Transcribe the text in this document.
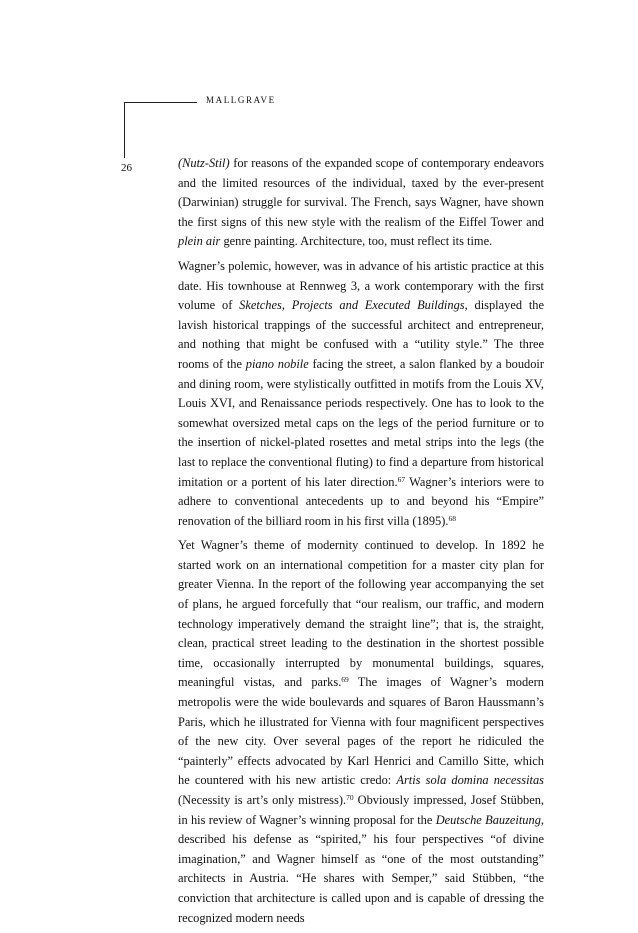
MALLGRAVE
26	(Nutz-Stil) for reasons of the expanded scope of contemporary endeavors and the limited resources of the individual, taxed by the ever-present (Darwinian) struggle for survival. The French, says Wagner, have shown the first signs of this new style with the realism of the Eiffel Tower and plein air genre painting. Architecture, too, must reflect its time.

Wagner’s polemic, however, was in advance of his artistic practice at this date. His townhouse at Rennweg 3, a work contemporary with the first volume of Sketches, Projects and Executed Buildings, displayed the lavish historical trappings of the successful architect and entrepreneur, and nothing that might be confused with a “utility style.” The three rooms of the piano nobile facing the street, a salon flanked by a boudoir and dining room, were stylistically outfitted in motifs from the Louis XV, Louis XVI, and Renaissance periods respectively. One has to look to the somewhat oversized metal caps on the legs of the period furniture or to the insertion of nickel-plated rosettes and metal strips into the legs (the last to replace the conventional fluting) to find a departure from historical imitation or a portent of his later direction.$^{67}$ Wagner’s interiors were to adhere to conventional antecedents up to and beyond his “Empire” renovation of the billiard room in his first villa (1895).$^{68}$

Yet Wagner’s theme of modernity continued to develop. In 1892 he started work on an international competition for a master city plan for greater Vienna. In the report of the following year accompanying the set of plans, he argued forcefully that “our realism, our traffic, and modern technology imperatively demand the straight line”; that is, the straight, clean, practical street leading to the destination in the shortest possible time, occasionally interrupted by monumental buildings, squares, meaningful vistas, and parks.$^{69}$ The images of Wagner’s modern metropolis were the wide boulevards and squares of Baron Haussmann’s Paris, which he illustrated for Vienna with four magnificent perspectives of the new city. Over several pages of the report he ridiculed the “painterly” effects advocated by Karl Henrici and Camillo Sitte, which he countered with his new artistic credo: Artis sola domina necessitas (Necessity is art’s only mistress).$^{70}$ Obviously impressed, Josef Stübben, in his review of Wagner’s winning proposal for the Deutsche Bauzeitung, described his defense as “spirited,” his four perspectives “of divine imagination,” and Wagner himself as “one of the most outstanding” architects in Austria. “He shares with Semper,” said Stübben, “the conviction that architecture is called upon and is capable of dressing the recognized modern needs
